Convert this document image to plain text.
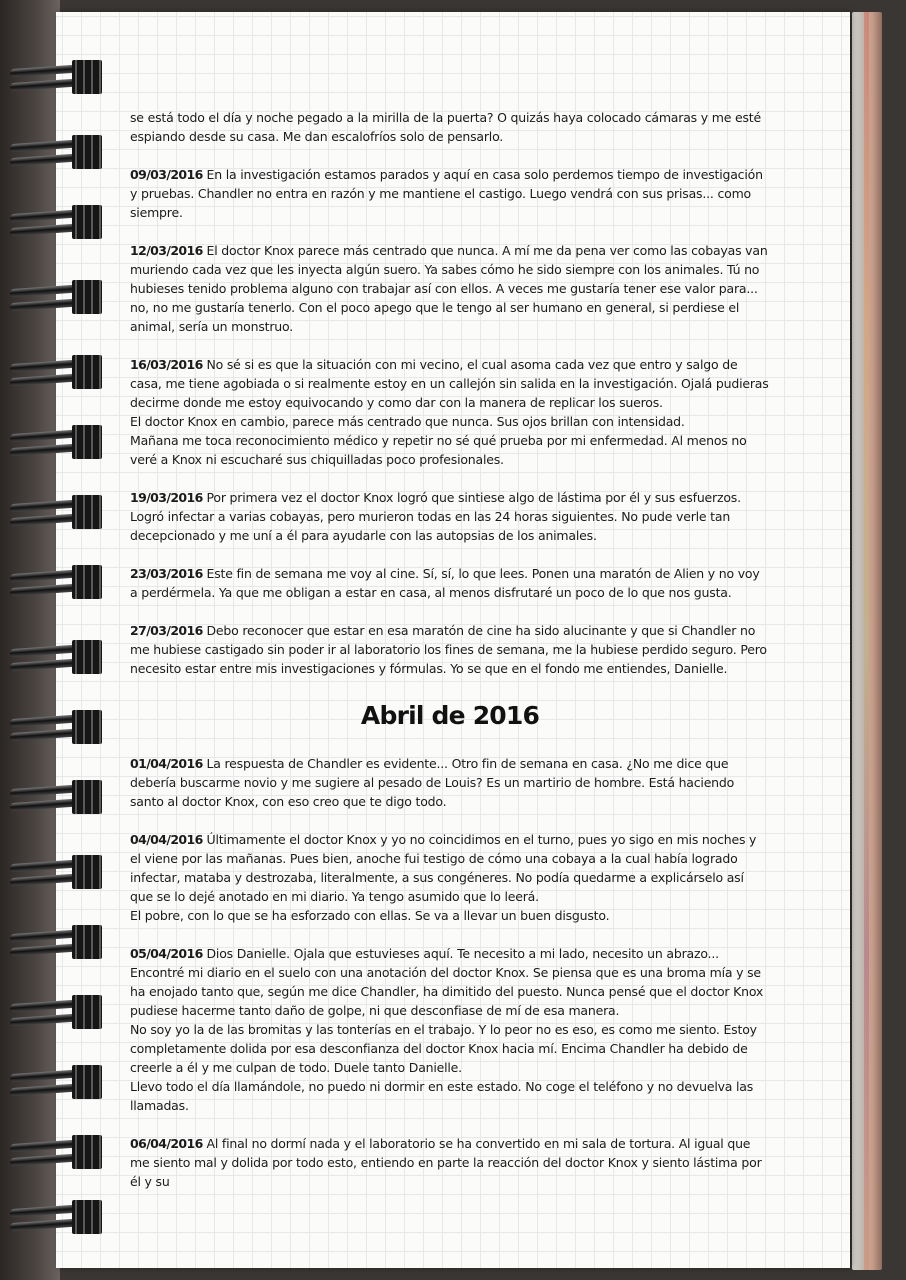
se está todo el día y noche pegado a la mirilla de la puerta? O quizás haya colocado cámaras y me esté espiando desde su casa. Me dan escalofríos solo de pensarlo.
09/03/2016 En la investigación estamos parados y aquí en casa solo perdemos tiempo de investigación y pruebas. Chandler no entra en razón y me mantiene el castigo. Luego vendrá con sus prisas... como siempre.
12/03/2016 El doctor Knox parece más centrado que nunca. A mí me da pena ver como las cobayas van muriendo cada vez que les inyecta algún suero. Ya sabes cómo he sido siempre con los animales. Tú no hubieses tenido problema alguno con trabajar así con ellos. A veces me gustaría tener ese valor para... no, no me gustaría tenerlo. Con el poco apego que le tengo al ser humano en general, si perdiese el animal, sería un monstruo.
16/03/2016 No sé si es que la situación con mi vecino, el cual asoma cada vez que entro y salgo de casa, me tiene agobiada o si realmente estoy en un callejón sin salida en la investigación. Ojalá pudieras decirme donde me estoy equivocando y como dar con la manera de replicar los sueros.
El doctor Knox en cambio, parece más centrado que nunca. Sus ojos brillan con intensidad.
Mañana me toca reconocimiento médico y repetir no sé qué prueba por mi enfermedad. Al menos no veré a Knox ni escucharé sus chiquilladas poco profesionales.
19/03/2016 Por primera vez el doctor Knox logró que sintiese algo de lástima por él y sus esfuerzos. Logró infectar a varias cobayas, pero murieron todas en las 24 horas siguientes. No pude verle tan decepcionado y me uní a él para ayudarle con las autopsias de los animales.
23/03/2016 Este fin de semana me voy al cine. Sí, sí, lo que lees. Ponen una maratón de Alien y no voy a perdérmela. Ya que me obligan a estar en casa, al menos disfrutaré un poco de lo que nos gusta.
27/03/2016 Debo reconocer que estar en esa maratón de cine ha sido alucinante y que si Chandler no me hubiese castigado sin poder ir al laboratorio los fines de semana, me la hubiese perdido seguro. Pero necesito estar entre mis investigaciones y fórmulas. Yo se que en el fondo me entiendes, Danielle.
Abril de 2016
01/04/2016 La respuesta de Chandler es evidente... Otro fin de semana en casa. ¿No me dice que debería buscarme novio y me sugiere al pesado de Louis? Es un martirio de hombre. Está haciendo santo al doctor Knox, con eso creo que te digo todo.
04/04/2016 Últimamente el doctor Knox y yo no coincidimos en el turno, pues yo sigo en mis noches y el viene por las mañanas. Pues bien, anoche fui testigo de cómo una cobaya a la cual había logrado infectar, mataba y destrozaba, literalmente, a sus congéneres. No podía quedarme a explicárselo así que se lo dejé anotado en mi diario. Ya tengo asumido que lo leerá.
El pobre, con lo que se ha esforzado con ellas. Se va a llevar un buen disgusto.
05/04/2016 Dios Danielle. Ojala que estuvieses aquí. Te necesito a mi lado, necesito un abrazo... Encontré mi diario en el suelo con una anotación del doctor Knox. Se piensa que es una broma mía y se ha enojado tanto que, según me dice Chandler, ha dimitido del puesto. Nunca pensé que el doctor Knox pudiese hacerme tanto daño de golpe, ni que desconfiase de mí de esa manera.
No soy yo la de las bromitas y las tonterías en el trabajo. Y lo peor no es eso, es como me siento. Estoy completamente dolida por esa desconfianza del doctor Knox hacia mí. Encima Chandler ha debido de creerle a él y me culpan de todo. Duele tanto Danielle.
Llevo todo el día llamándole, no puedo ni dormir en este estado. No coge el teléfono y no devuelva las llamadas.
06/04/2016 Al final no dormí nada y el laboratorio se ha convertido en mi sala de tortura. Al igual que me siento mal y dolida por todo esto, entiendo en parte la reacción del doctor Knox y siento lástima por él y su
